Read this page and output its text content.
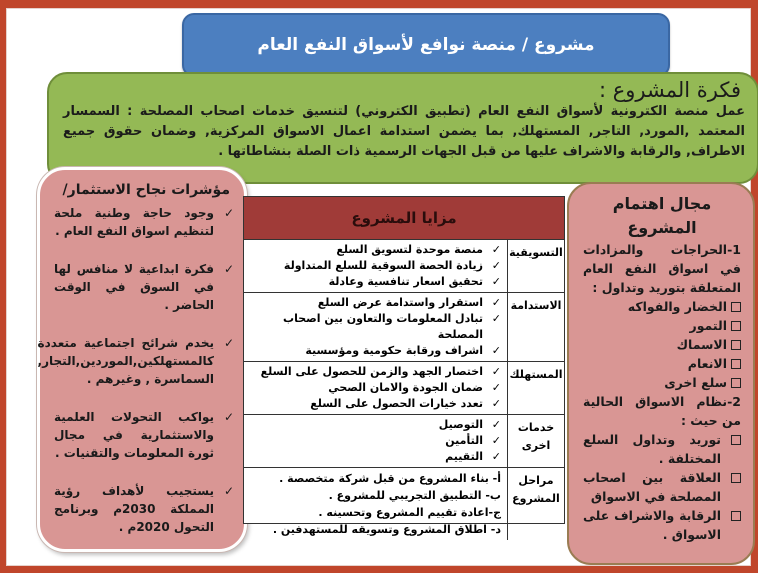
مشروع / منصة نوافع لأسواق النفع العام
فكرة المشروع :
عمل منصة الكترونية لأسواق النفع العام (تطبيق الكتروني) لتنسيق خدمات اصحاب المصلحة : السمسار المعتمد ,المورد, التاجر, المستهلك, بما يضمن استدامة اعمال الاسواق المركزية, وضمان حقوق جميع الاطراف, والرقابة والاشراف عليها من قبل الجهات الرسمية ذات الصلة بنشاطاتها .
مؤشرات نجاح الاستثمار/
✓
وجود حاجة وطنية ملحة لتنظيم اسواق النفع العام .
✓
فكرة ابداعية لا منافس لها في السوق في الوقت الحاضر .
✓
يخدم شرائح اجتماعية متعددة كالمستهلكين,الموردين,التجار, السماسرة , وغيرهم .
✓
يواكب التحولات العلمية والاستثمارية في مجال ثورة المعلومات والتقنيات .
✓
يستجيب لأهداف رؤية المملكة 2030م وبرنامج التحول 2020م .
مزايا المشروع
التسويقية
✓
منصة موحدة لتسويق السلع
✓
زيادة الحصة السوقية للسلع المتداولة
✓
تحقيق اسعار تنافسية وعادلة
الاستدامة
✓
استقرار واستدامة عرض السلع
✓
تبادل المعلومات والتعاون بين اصحاب المصلحة
✓
اشراف ورقابة حكومية ومؤسسية
المستهلك
✓
اختصار الجهد والزمن للحصول على السلع
✓
ضمان الجودة والامان الصحي
✓
تعدد خيارات الحصول على السلع
خدمات اخرى
✓
التوصيل
✓
التأمين
✓
التقييم
مراحل المشروع
أ- بناء المشروع من قبل شركة متخصصة .
ب- التطبيق التجريبي للمشروع .
ج-اعادة تقييم المشروع وتحسينه .
د- اطلاق المشروع وتسويقه للمستهدفين .
مجال اهتمام المشروع
1-الحراجات والمزادات في اسواق النفع العام المتعلقة بتوريد وتداول :
الخضار والفواكه
التمور
الاسماك
الانعام
سلع اخرى
2-نظام الاسواق الحالية من حيث :
توريد وتداول السلع المختلفة .
العلاقة بين اصحاب المصلحة في الاسواق
الرقابة والاشراف على الاسواق .
